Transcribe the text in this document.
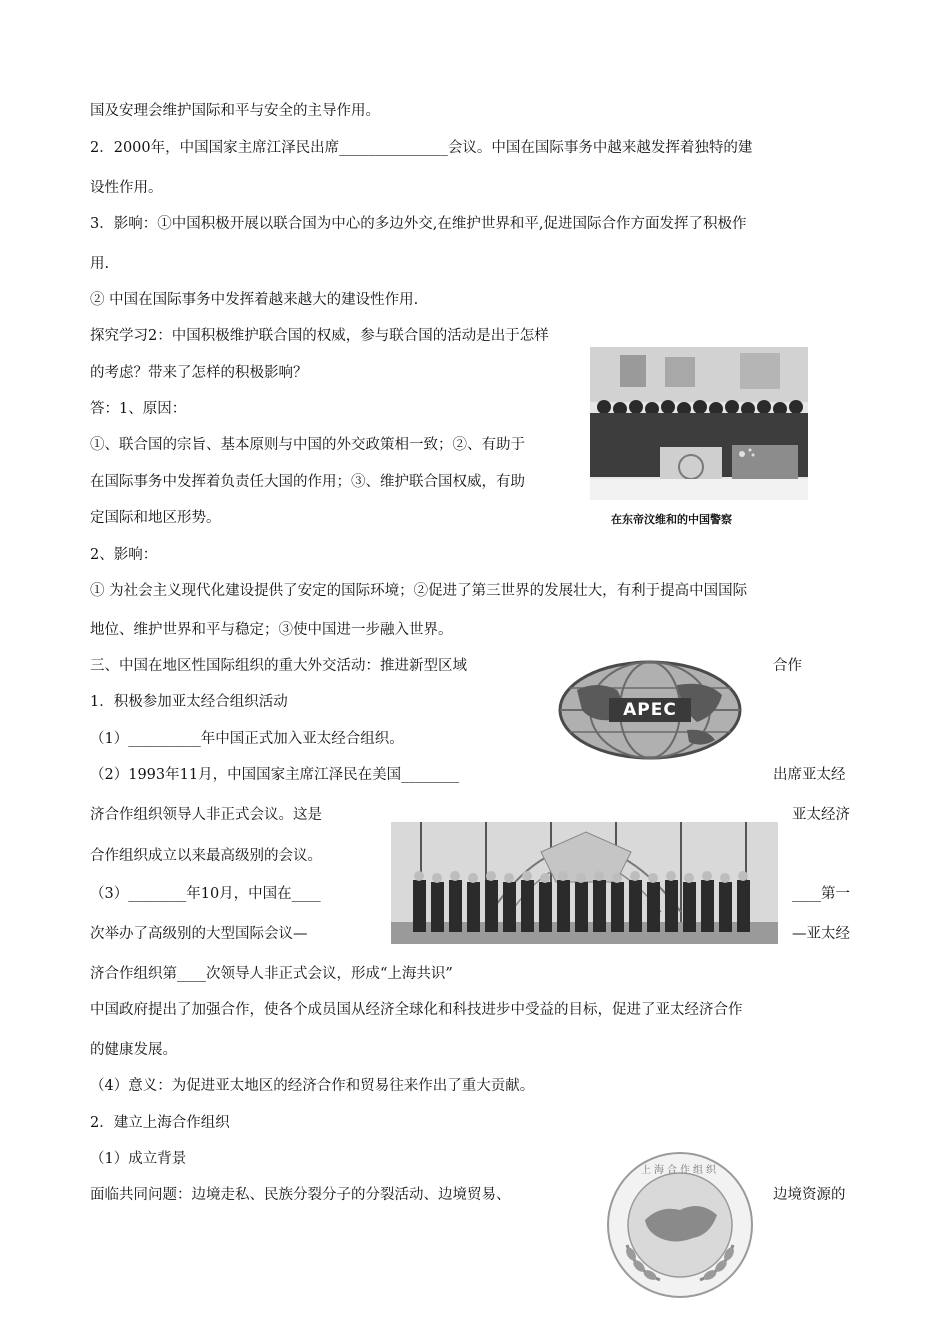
国及安理会维护国际和平与安全的主导作用。
2．2000年，中国国家主席江泽民出席_______________会议。中国在国际事务中越来越发挥着独特的建
设性作用。
3．影响：①中国积极开展以联合国为中心的多边外交,在维护世界和平,促进国际合作方面发挥了积极作
用.
② 中国在国际事务中发挥着越来越大的建设性作用.
探究学习2：中国积极维护联合国的权威，参与联合国的活动是出于怎样
的考虑？带来了怎样的积极影响？
答：1、原因：
①、联合国的宗旨、基本原则与中国的外交政策相一致；②、有助于
在国际事务中发挥着负责任大国的作用；③、维护联合国权威，有助
定国际和地区形势。
2、影响：
① 为社会主义现代化建设提供了安定的国际环境；②促进了第三世界的发展壮大，有利于提高中国国际
地位、维护世界和平与稳定；③使中国进一步融入世界。
三、中国在地区性国际组织的重大外交活动：推进新型区域
1．积极参加亚太经合组织活动
（1）__________年中国正式加入亚太经合组织。
（2）1993年11月，中国国家主席江泽民在美国________
济合作组织领导人非正式会议。这是
合作组织成立以来最高级别的会议。
（3）________年10月，中国在____
次举办了高级别的大型国际会议—
济合作组织第____次领导人非正式会议，形成“上海共识”
中国政府提出了加强合作，使各个成员国从经济全球化和科技进步中受益的目标，促进了亚太经济合作
的健康发展。
（4）意义：为促进亚太地区的经济合作和贸易往来作出了重大贡献。
2．建立上海合作组织
（1）成立背景
面临共同问题：边境走私、民族分裂分子的分裂活动、边境贸易、
合作
出席亚太经
亚太经济
____第一
—亚太经
边境资源的
在东帝汶维和的中国警察
APEC
上海合作组织
